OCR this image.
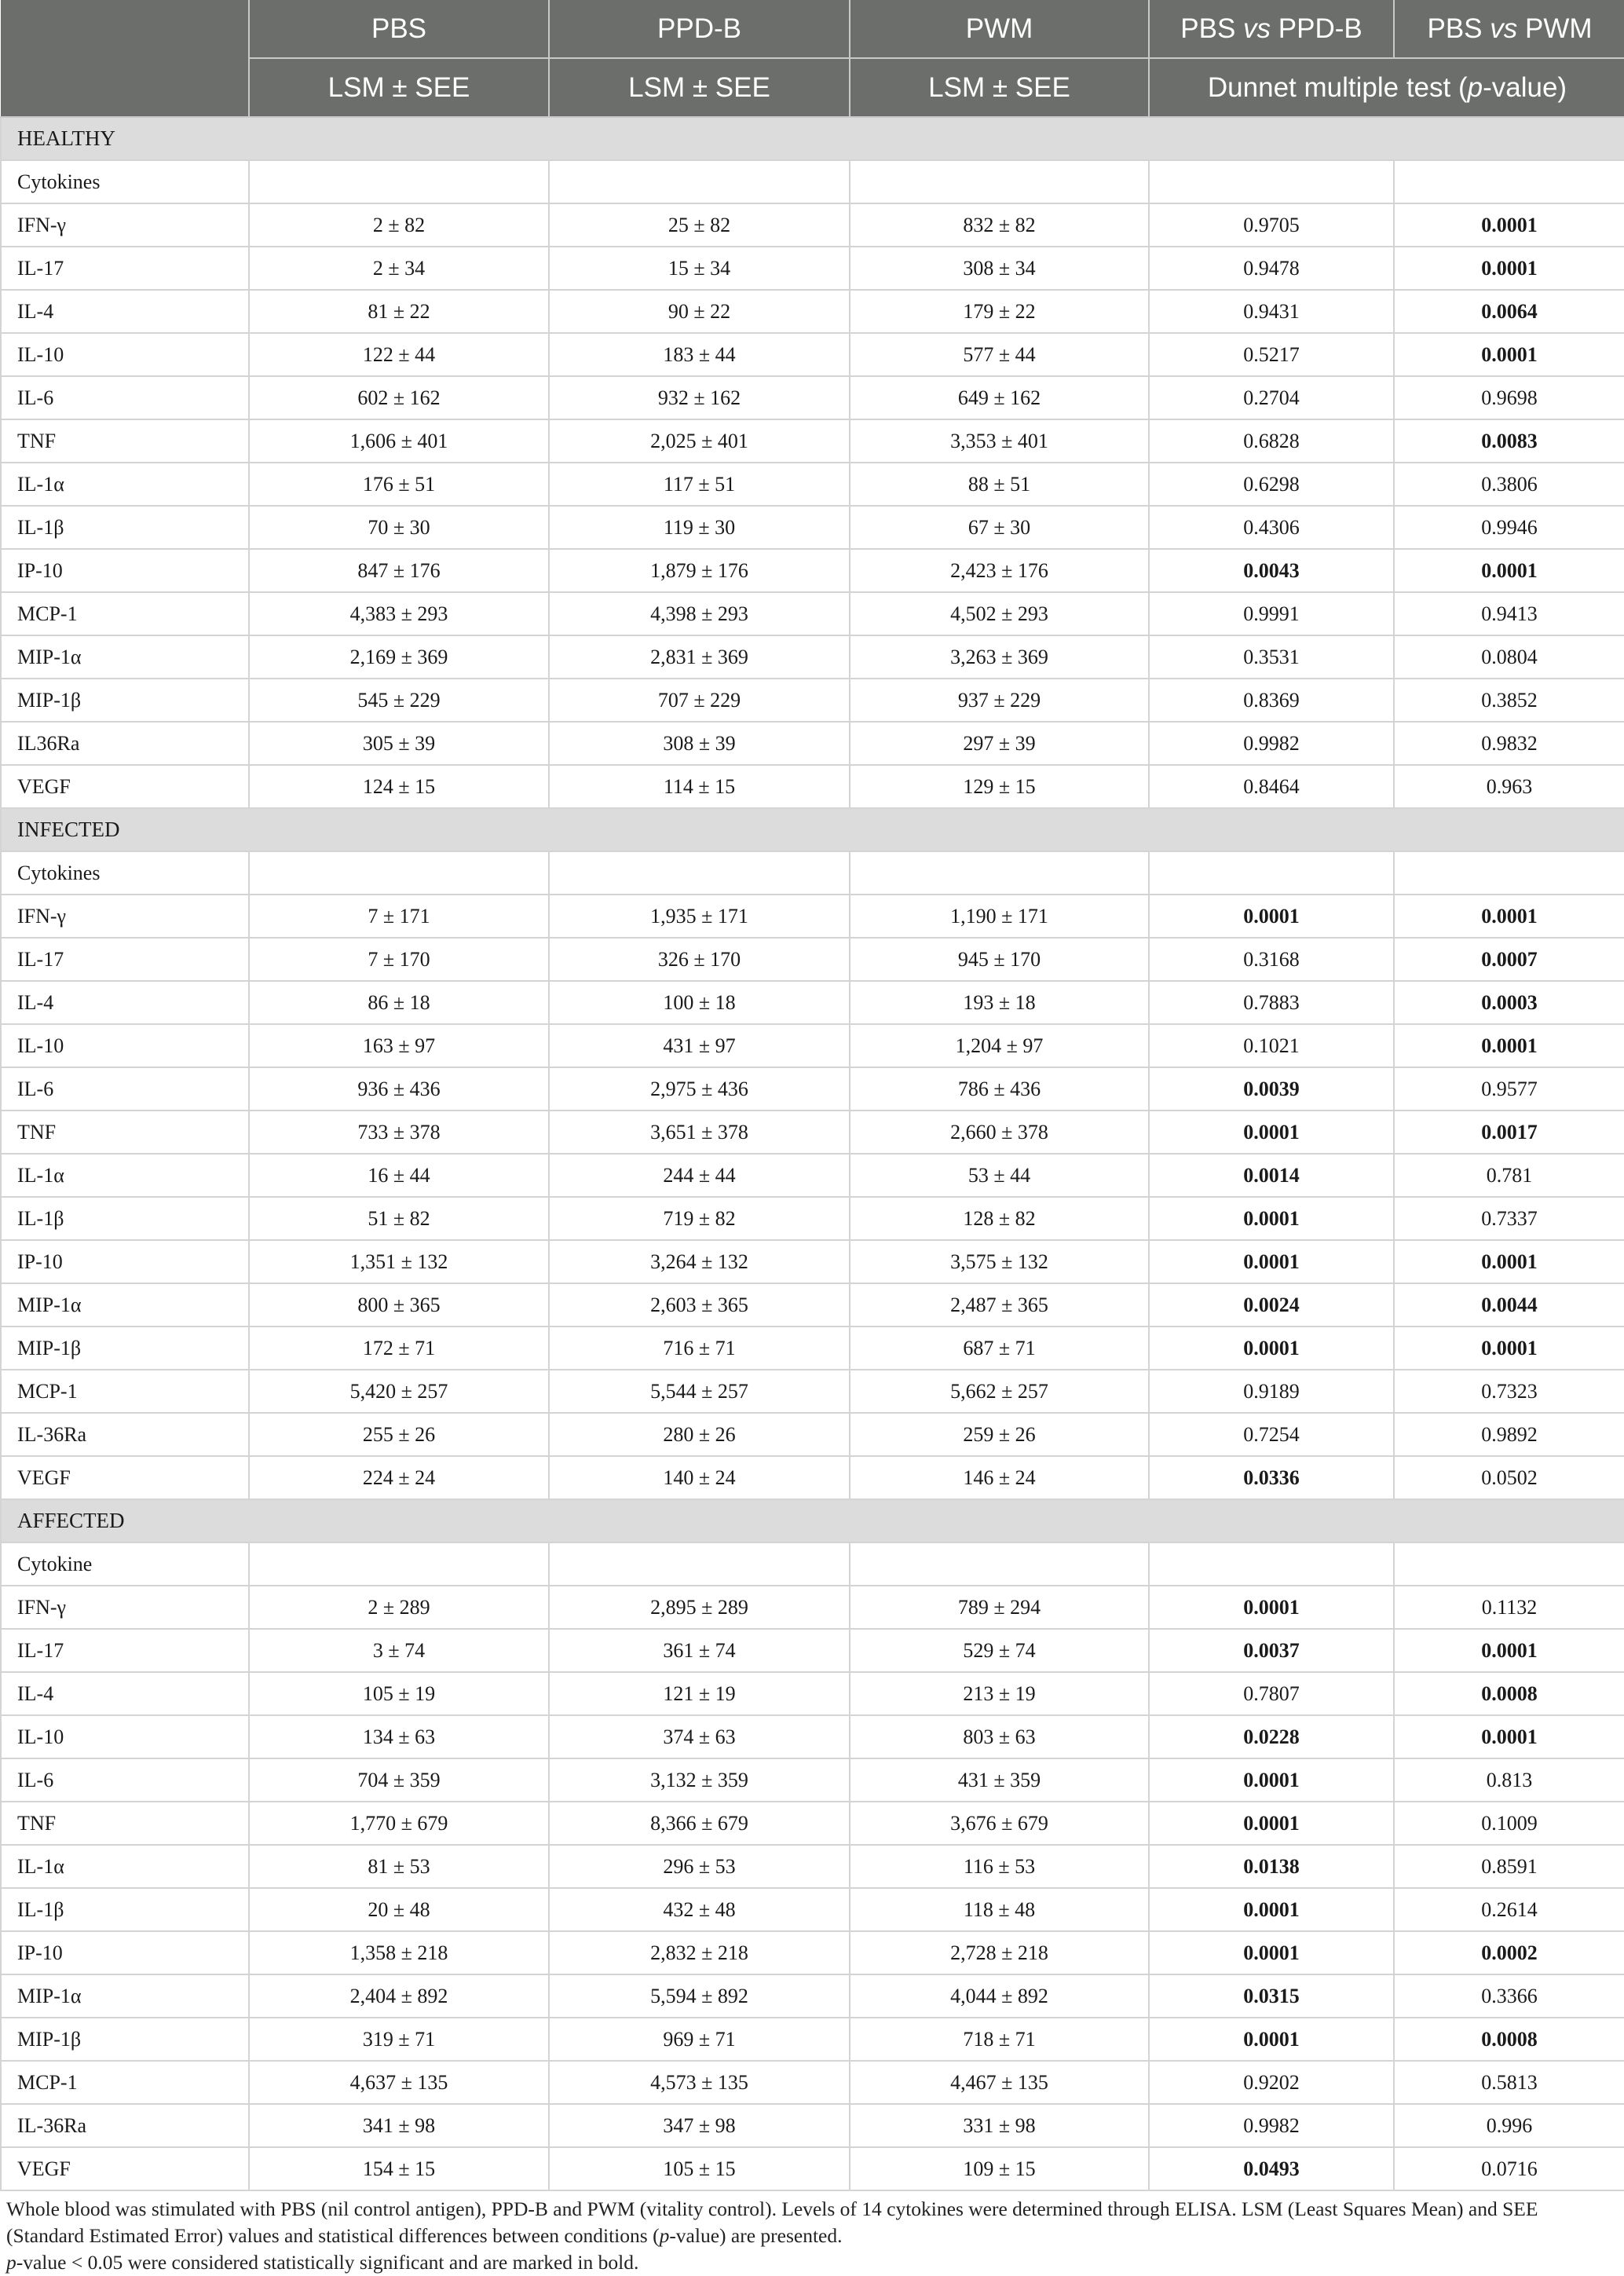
	PBS	PPD-B	PWM	PBS vs PPD-B	PBS vs PWM
	LSM ± SEE	LSM ± SEE	LSM ± SEE	Dunnet multiple test (p-value)	
HEALTHY					
Cytokines					
IFN-γ	2 ± 82	25 ± 82	832 ± 82	0.9705	0.0001
IL-17	2 ± 34	15 ± 34	308 ± 34	0.9478	0.0001
IL-4	81 ± 22	90 ± 22	179 ± 22	0.9431	0.0064
IL-10	122 ± 44	183 ± 44	577 ± 44	0.5217	0.0001
IL-6	602 ± 162	932 ± 162	649 ± 162	0.2704	0.9698
TNF	1,606 ± 401	2,025 ± 401	3,353 ± 401	0.6828	0.0083
IL-1α	176 ± 51	117 ± 51	88 ± 51	0.6298	0.3806
IL-1β	70 ± 30	119 ± 30	67 ± 30	0.4306	0.9946
IP-10	847 ± 176	1,879 ± 176	2,423 ± 176	0.0043	0.0001
MCP-1	4,383 ± 293	4,398 ± 293	4,502 ± 293	0.9991	0.9413
MIP-1α	2,169 ± 369	2,831 ± 369	3,263 ± 369	0.3531	0.0804
MIP-1β	545 ± 229	707 ± 229	937 ± 229	0.8369	0.3852
IL36Ra	305 ± 39	308 ± 39	297 ± 39	0.9982	0.9832
VEGF	124 ± 15	114 ± 15	129 ± 15	0.8464	0.963
INFECTED					
Cytokines					
IFN-γ	7 ± 171	1,935 ± 171	1,190 ± 171	0.0001	0.0001
IL-17	7 ± 170	326 ± 170	945 ± 170	0.3168	0.0007
IL-4	86 ± 18	100 ± 18	193 ± 18	0.7883	0.0003
IL-10	163 ± 97	431 ± 97	1,204 ± 97	0.1021	0.0001
IL-6	936 ± 436	2,975 ± 436	786 ± 436	0.0039	0.9577
TNF	733 ± 378	3,651 ± 378	2,660 ± 378	0.0001	0.0017
IL-1α	16 ± 44	244 ± 44	53 ± 44	0.0014	0.781
IL-1β	51 ± 82	719 ± 82	128 ± 82	0.0001	0.7337
IP-10	1,351 ± 132	3,264 ± 132	3,575 ± 132	0.0001	0.0001
MIP-1α	800 ± 365	2,603 ± 365	2,487 ± 365	0.0024	0.0044
MIP-1β	172 ± 71	716 ± 71	687 ± 71	0.0001	0.0001
MCP-1	5,420 ± 257	5,544 ± 257	5,662 ± 257	0.9189	0.7323
IL-36Ra	255 ± 26	280 ± 26	259 ± 26	0.7254	0.9892
VEGF	224 ± 24	140 ± 24	146 ± 24	0.0336	0.0502
AFFECTED					
Cytokine					
IFN-γ	2 ± 289	2,895 ± 289	789 ± 294	0.0001	0.1132
IL-17	3 ± 74	361 ± 74	529 ± 74	0.0037	0.0001
IL-4	105 ± 19	121 ± 19	213 ± 19	0.7807	0.0008
IL-10	134 ± 63	374 ± 63	803 ± 63	0.0228	0.0001
IL-6	704 ± 359	3,132 ± 359	431 ± 359	0.0001	0.813
TNF	1,770 ± 679	8,366 ± 679	3,676 ± 679	0.0001	0.1009
IL-1α	81 ± 53	296 ± 53	116 ± 53	0.0138	0.8591
IL-1β	20 ± 48	432 ± 48	118 ± 48	0.0001	0.2614
IP-10	1,358 ± 218	2,832 ± 218	2,728 ± 218	0.0001	0.0002
MIP-1α	2,404 ± 892	5,594 ± 892	4,044 ± 892	0.0315	0.3366
MIP-1β	319 ± 71	969 ± 71	718 ± 71	0.0001	0.0008
MCP-1	4,637 ± 135	4,573 ± 135	4,467 ± 135	0.9202	0.5813
IL-36Ra	341 ± 98	347 ± 98	331 ± 98	0.9982	0.996
VEGF	154 ± 15	105 ± 15	109 ± 15	0.0493	0.0716

Whole blood was stimulated with PBS (nil control antigen), PPD-B and PWM (vitality control). Levels of 14 cytokines were determined through ELISA. LSM (Least Squares Mean) and SEE (Standard Estimated Error) values and statistical differences between conditions (p-value) are presented.

p-value < 0.05 were considered statistically significant and are marked in bold.
